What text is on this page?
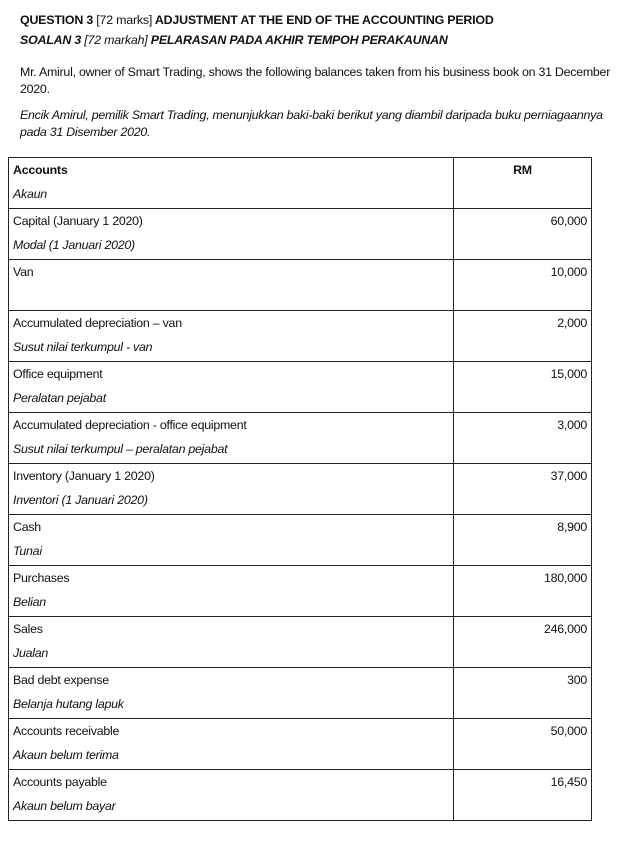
QUESTION 3 [72 marks] ADJUSTMENT AT THE END OF THE ACCOUNTING PERIOD
SOALAN 3 [72 markah] PELARASAN PADA AKHIR TEMPOH PERAKAUNAN
Mr. Amirul, owner of Smart Trading, shows the following balances taken from his business book on 31 December 2020.
Encik Amirul, pemilik Smart Trading, menunjukkan baki-baki berikut yang diambil daripada buku perniagaannya pada 31 Disember 2020.
Accounts
Akaun	RM

Capital (January 1 2020)
Modal (1 Januari 2020)	60,000

Van	10,000

Accumulated depreciation – van
Susut nilai terkumpul - van	2,000

Office equipment
Peralatan pejabat	15,000

Accumulated depreciation - office equipment
Susut nilai terkumpul – peralatan pejabat	3,000

Inventory (January 1 2020)
Inventori (1 Januari 2020)	37,000

Cash
Tunai	8,900

Purchases
Belian	180,000

Sales
Jualan	246,000

Bad debt expense
Belanja hutang lapuk	300

Accounts receivable
Akaun belum terima	50,000

Accounts payable
Akaun belum bayar	16,450
